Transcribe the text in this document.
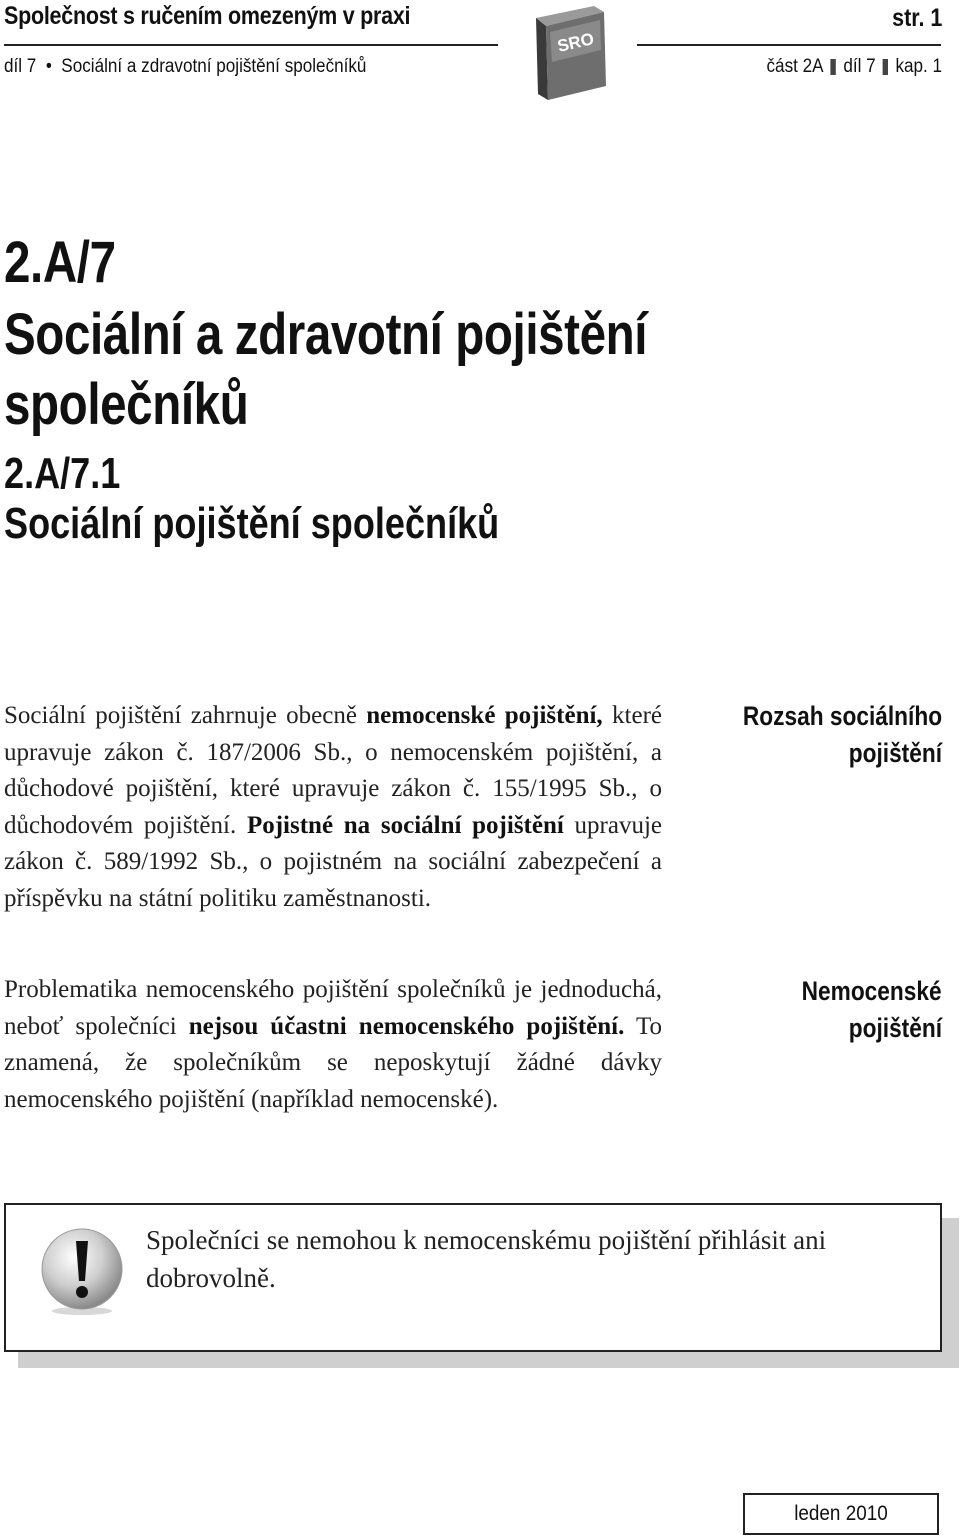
Společnost s ručením omezeným v praxi
díl 7  •  Sociální a zdravotní pojištění společníků
SRO
str. 1
část 2A díl 7 kap. 1
2.A/7
Sociální a zdravotní pojištění
společníků
2.A/7.1
Sociální pojištění společníků
Sociální pojištění zahrnuje obecně nemocenské pojištění, které upravuje zákon č. 187/2006 Sb., o nemocenském pojištění, a důchodové pojištění, které upravuje zákon č. 155/1995 Sb., o důchodovém pojištění. Pojistné na sociální pojištění upravuje zákon č. 589/1992 Sb., o pojistném na sociální zabezpečení a příspěvku na státní politiku zaměstnanosti.
Rozsah sociálního
pojištění
Problematika nemocenského pojištění společníků je jednoduchá, neboť společníci nejsou účastni nemocenského pojištění. To znamená, že společníkům se neposkytují žádné dávky nemocenského pojištění (například nemocenské).
Nemocenské
pojištění
Společníci se nemohou k nemocenskému pojištění přihlásit ani dobrovolně.
leden 2010
